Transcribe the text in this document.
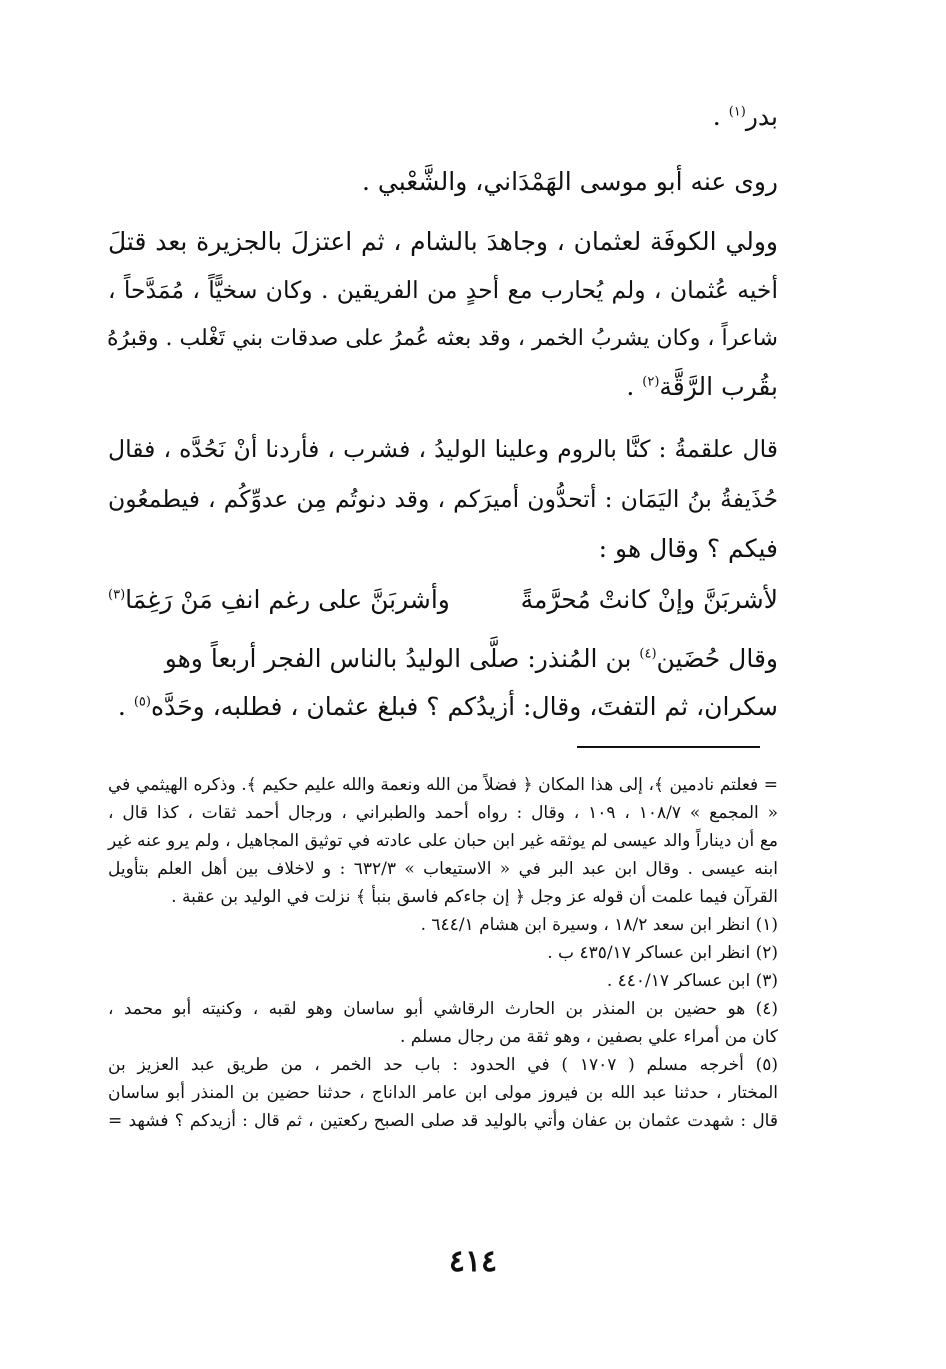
بدر$^{(١)}$ .
روى عنه أبو موسى الهَمْدَاني، والشَّعْبي .
وولي الكوفَة لعثمان ، وجاهدَ بالشام ، ثم اعتزلَ بالجزيرة بعد قتلَ
أخيه عُثمان ، ولم يُحارب مع أحدٍ من الفريقين . وكان سخيًّاً ، مُمَدَّحاً ،
شاعراً ، وكان يشربُ الخمر ، وقد بعثه عُمرُ على صدقات بني تَغْلب . وقبرُهُ
بقُرب الرَّقَّة$^{(٢)}$ .
قال علقمةُ : كنَّا بالروم وعلينا الوليدُ ، فشرب ، فأردنا أنْ نَحُدَّه ، فقال
حُذَيفةُ بنُ اليَمَان : أتحدُّون أميرَكم ، وقد دنوتُم مِن عدوِّكُم ، فيطمعُون
فيكم ؟ وقال هو :
لأشربَنَّ وإنْ كانتْ مُحرَّمةً
وأشربَنَّ على رغم انفِ مَنْ رَغِمَا$^{(٣)}$
وقال حُضَين$^{(٤)}$ بن المُنذر: صلَّى الوليدُ بالناس الفجر أربعاً وهو
سكران، ثم التفتَ، وقال: أزيدُكم ؟ فبلغ عثمان ، فطلبه، وحَدَّه$^{(٥)}$ .
= فعلتم نادمين ﴾، إلى هذا المكان ﴿ فضلاً من الله ونعمة والله عليم حكيم ﴾. وذكره الهيثمي في
« المجمع » ١٠٨/٧ ، ١٠٩ ، وقال : رواه أحمد والطبراني ، ورجال أحمد ثقات ، كذا قال ،
مع أن ديناراً والد عيسى لم يوثقه غير ابن حبان على عادته في توثيق المجاهيل ، ولم يرو عنه غير
ابنه عيسى . وقال ابن عبد البر في « الاستيعاب » ٦٣٢/٣ : و لاخلاف بين أهل العلم بتأويل
القرآن فيما علمت أن قوله عز وجل ﴿ إن جاءكم فاسق بنبأ ﴾ نزلت في الوليد بن عقبة .
(١) انظر ابن سعد ١٨/٢ ، وسيرة ابن هشام ٦٤٤/١ .
(٢) انظر ابن عساكر ٤٣٥/١٧ ب .
(٣) ابن عساكر ٤٤٠/١٧ .
(٤) هو حضين بن المنذر بن الحارث الرقاشي أبو ساسان وهو لقبه ، وكنيته أبو محمد ،
كان من أمراء علي بصفين ، وهو ثقة من رجال مسلم .
(٥) أخرجه مسلم ( ١٧٠٧ ) في الحدود : باب حد الخمر ، من طريق عبد العزيز بن
المختار ، حدثنا عبد الله بن فيروز مولى ابن عامر الداناج ، حدثنا حضين بن المنذر أبو ساسان
قال : شهدت عثمان بن عفان وأتي بالوليد قد صلى الصبح ركعتين ، ثم قال : أزيدكم ؟ فشهد =
٤١٤
